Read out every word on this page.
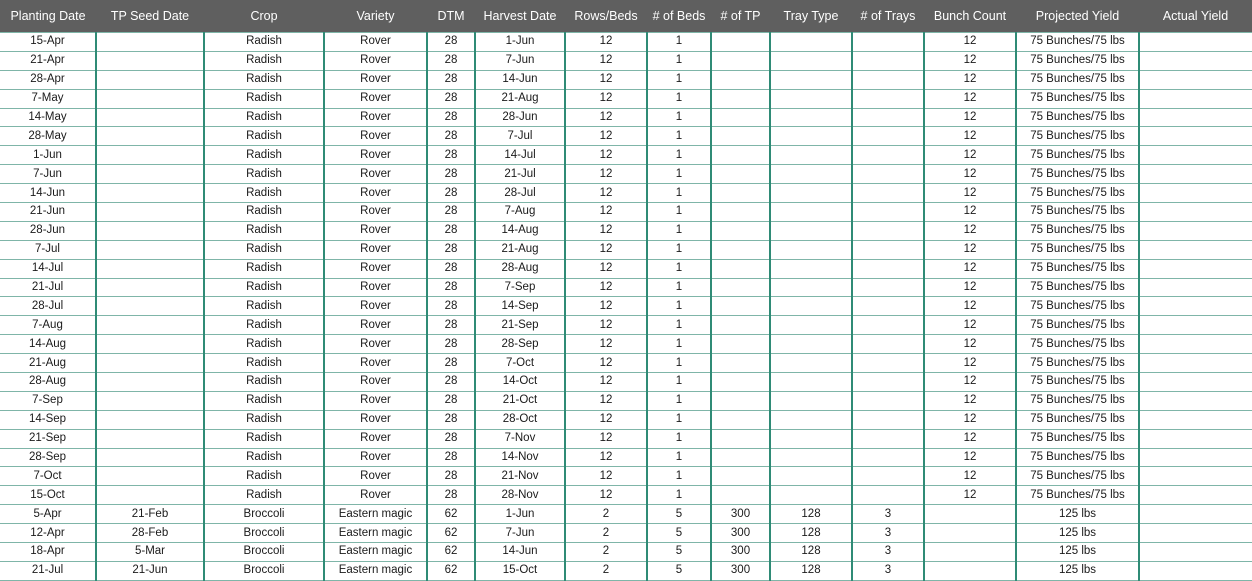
Planting Date	TP Seed Date	Crop	Variety	DTM	Harvest Date	Rows/Beds	# of Beds	# of TP	Tray Type	# of Trays	Bunch Count	Projected Yield	Actual Yield
15-Apr		Radish	Rover	28	1-Jun	12	1				12	75 Bunches/75 lbs	
21-Apr		Radish	Rover	28	7-Jun	12	1				12	75 Bunches/75 lbs	
28-Apr		Radish	Rover	28	14-Jun	12	1				12	75 Bunches/75 lbs	
7-May		Radish	Rover	28	21-Aug	12	1				12	75 Bunches/75 lbs	
14-May		Radish	Rover	28	28-Jun	12	1				12	75 Bunches/75 lbs	
28-May		Radish	Rover	28	7-Jul	12	1				12	75 Bunches/75 lbs	
1-Jun		Radish	Rover	28	14-Jul	12	1				12	75 Bunches/75 lbs	
7-Jun		Radish	Rover	28	21-Jul	12	1				12	75 Bunches/75 lbs	
14-Jun		Radish	Rover	28	28-Jul	12	1				12	75 Bunches/75 lbs	
21-Jun		Radish	Rover	28	7-Aug	12	1				12	75 Bunches/75 lbs	
28-Jun		Radish	Rover	28	14-Aug	12	1				12	75 Bunches/75 lbs	
7-Jul		Radish	Rover	28	21-Aug	12	1				12	75 Bunches/75 lbs	
14-Jul		Radish	Rover	28	28-Aug	12	1				12	75 Bunches/75 lbs	
21-Jul		Radish	Rover	28	7-Sep	12	1				12	75 Bunches/75 lbs	
28-Jul		Radish	Rover	28	14-Sep	12	1				12	75 Bunches/75 lbs	
7-Aug		Radish	Rover	28	21-Sep	12	1				12	75 Bunches/75 lbs	
14-Aug		Radish	Rover	28	28-Sep	12	1				12	75 Bunches/75 lbs	
21-Aug		Radish	Rover	28	7-Oct	12	1				12	75 Bunches/75 lbs	
28-Aug		Radish	Rover	28	14-Oct	12	1				12	75 Bunches/75 lbs	
7-Sep		Radish	Rover	28	21-Oct	12	1				12	75 Bunches/75 lbs	
14-Sep		Radish	Rover	28	28-Oct	12	1				12	75 Bunches/75 lbs	
21-Sep		Radish	Rover	28	7-Nov	12	1				12	75 Bunches/75 lbs	
28-Sep		Radish	Rover	28	14-Nov	12	1				12	75 Bunches/75 lbs	
7-Oct		Radish	Rover	28	21-Nov	12	1				12	75 Bunches/75 lbs	
15-Oct		Radish	Rover	28	28-Nov	12	1				12	75 Bunches/75 lbs	
5-Apr	21-Feb	Broccoli	Eastern magic	62	1-Jun	2	5	300	128	3		125 lbs	
12-Apr	28-Feb	Broccoli	Eastern magic	62	7-Jun	2	5	300	128	3		125 lbs	
18-Apr	5-Mar	Broccoli	Eastern magic	62	14-Jun	2	5	300	128	3		125 lbs	
21-Jul	21-Jun	Broccoli	Eastern magic	62	15-Oct	2	5	300	128	3		125 lbs	
